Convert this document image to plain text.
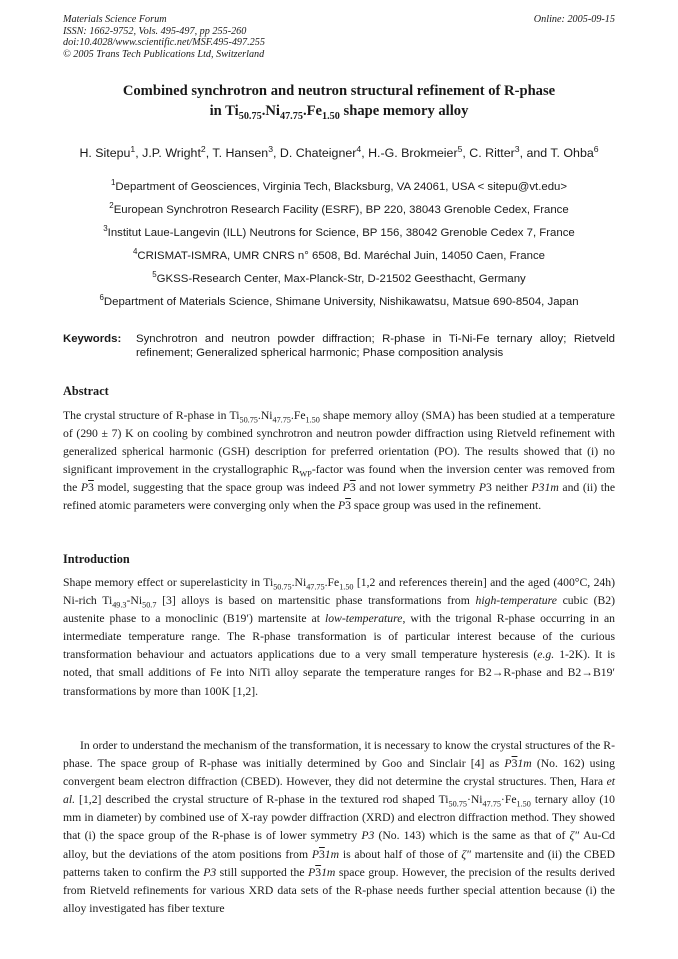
Materials Science Forum
ISSN: 1662-9752, Vols. 495-497, pp 255-260
doi:10.4028/www.scientific.net/MSF.495-497.255
© 2005 Trans Tech Publications Ltd, Switzerland
Online: 2005-09-15
Combined synchrotron and neutron structural refinement of R-phase
in $Ti_{50.75}.Ni_{47.75}.Fe_{1.50}$ shape memory alloy
H. Sitepu$^1$, J.P. Wright$^2$, T. Hansen$^3$, D. Chateigner$^4$, H.-G. Brokmeier$^5$, C. Ritter$^3$, and T. Ohba$^6$
$^1$Department of Geosciences, Virginia Tech, Blacksburg, VA 24061, USA < sitepu@vt.edu>
$^2$European Synchrotron Research Facility (ESRF), BP 220, 38043 Grenoble Cedex, France
$^3$Institut Laue-Langevin (ILL) Neutrons for Science, BP 156, 38042 Grenoble Cedex 7, France
$^4$CRISMAT-ISMRA, UMR CNRS n° 6508, Bd. Maréchal Juin, 14050 Caen, France
$^5$GKSS-Research Center, Max-Planck-Str, D-21502 Geesthacht, Germany
$^6$Department of Materials Science, Shimane University, Nishikawatsu, Matsue 690-8504, Japan
Keywords:	Synchrotron and neutron powder diffraction; R-phase in Ti-Ni-Fe ternary alloy; Rietveld refinement; Generalized spherical harmonic; Phase composition analysis
Abstract
The crystal structure of R-phase in $Ti_{50.75}.Ni_{47.75}.Fe_{1.50}$ shape memory alloy (SMA) has been studied at a temperature of (290 ± 7) K on cooling by combined synchrotron and neutron powder diffraction using Rietveld refinement with generalized spherical harmonic (GSH) description for preferred orientation (PO). The results showed that (i) no significant improvement in the crystallographic $R_{WP}$-factor was found when the inversion center was removed from the P3 model, suggesting that the space group was indeed P3 and not lower symmetry P3 neither P31m and (ii) the refined atomic parameters were converging only when the P3 space group was used in the refinement.
Introduction
Shape memory effect or superelasticity in $Ti_{50.75}.Ni_{47.75}.Fe_{1.50}$ [1,2 and references therein] and the aged (400°C, 24h) Ni-rich $Ti_{49.3}-Ni_{50.7}$ [3] alloys is based on martensitic phase transformations from high-temperature cubic (B2) austenite phase to a monoclinic (B19′) martensite at low-temperature, with the trigonal R-phase occurring in an intermediate temperature range. The R-phase transformation is of particular interest because of the curious transformation behaviour and actuators applications due to a very small temperature hysteresis (e.g. 1-2K). It is noted, that small additions of Fe into NiTi alloy separate the temperature ranges for B2→R-phase and B2→B19′ transformations by more than 100K [1,2].
In order to understand the mechanism of the transformation, it is necessary to know the crystal structures of the R-phase. The space group of R-phase was initially determined by Goo and Sinclair [4] as P31m (No. 162) using convergent beam electron diffraction (CBED). However, they did not determine the crystal structures. Then, Hara et al. [1,2] described the crystal structure of R-phase in the textured rod shaped $Ti_{50.75}\cdot Ni_{47.75}\cdot Fe_{1.50}$ ternary alloy (10 mm in diameter) by combined use of X-ray powder diffraction (XRD) and electron diffraction method. They showed that (i) the space group of the R-phase is of lower symmetry P3 (No. 143) which is the same as that of ζ″ Au-Cd alloy, but the deviations of the atom positions from P31m is about half of those of ζ″ martensite and (ii) the CBED patterns taken to confirm the P3 still supported the P31m space group. However, the precision of the results derived from Rietveld refinements for various XRD data sets of the R-phase needs further special attention because (i) the alloy investigated has fiber texture
